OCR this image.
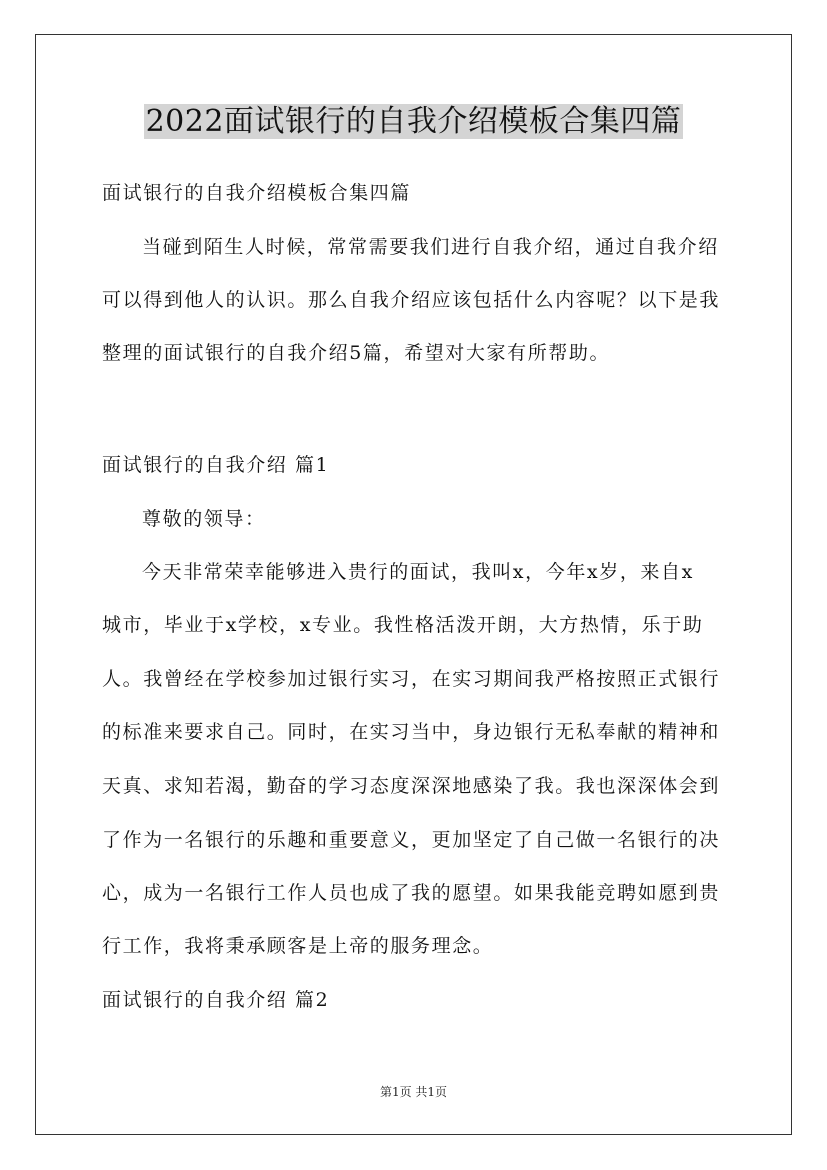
2022面试银行的自我介绍模板合集四篇
面试银行的自我介绍模板合集四篇
当碰到陌生人时候，常常需要我们进行自我介绍，通过自我介绍
可以得到他人的认识。那么自我介绍应该包括什么内容呢？以下是我
整理的面试银行的自我介绍5篇，希望对大家有所帮助。
面试银行的自我介绍 篇1
尊敬的领导：
今天非常荣幸能够进入贵行的面试，我叫x，今年x岁，来自x
城市，毕业于x学校，x专业。我性格活泼开朗，大方热情，乐于助
人。我曾经在学校参加过银行实习，在实习期间我严格按照正式银行
的标准来要求自己。同时，在实习当中，身边银行无私奉献的精神和
天真、求知若渴，勤奋的学习态度深深地感染了我。我也深深体会到
了作为一名银行的乐趣和重要意义，更加坚定了自己做一名银行的决
心，成为一名银行工作人员也成了我的愿望。如果我能竞聘如愿到贵
行工作，我将秉承顾客是上帝的服务理念。
面试银行的自我介绍 篇2
第1页 共1页
